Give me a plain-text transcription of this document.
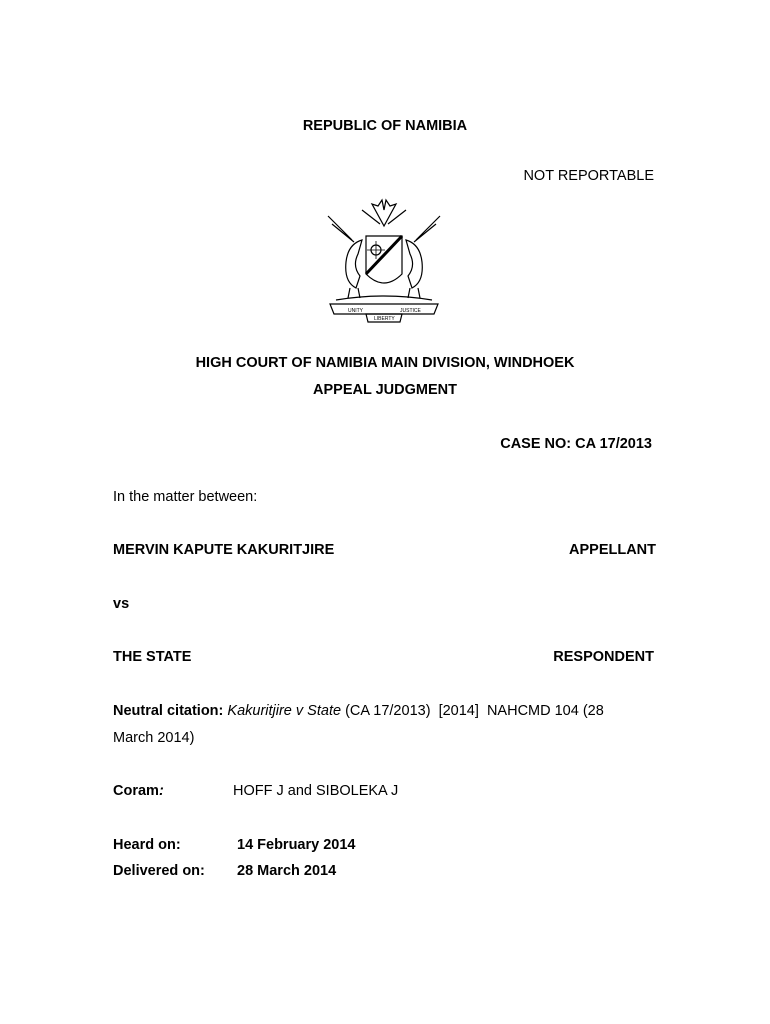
REPUBLIC OF NAMIBIA
NOT REPORTABLE
UNITY	JUSTICE
LIBERTY
HIGH COURT OF NAMIBIA MAIN DIVISION, WINDHOEK
APPEAL JUDGMENT
CASE NO: CA 17/2013
In the matter between:
MERVIN KAPUTE KAKURITJIRE	APPELLANT
vs
THE STATE	RESPONDENT
Neutral citation: Kakuritjire v State (CA 17/2013)  [2014]  NAHCMD 104 (28
March 2014)
Coram:	HOFF J and SIBOLEKA J
Heard on:	14 February 2014
Delivered on: 28 March 2014
